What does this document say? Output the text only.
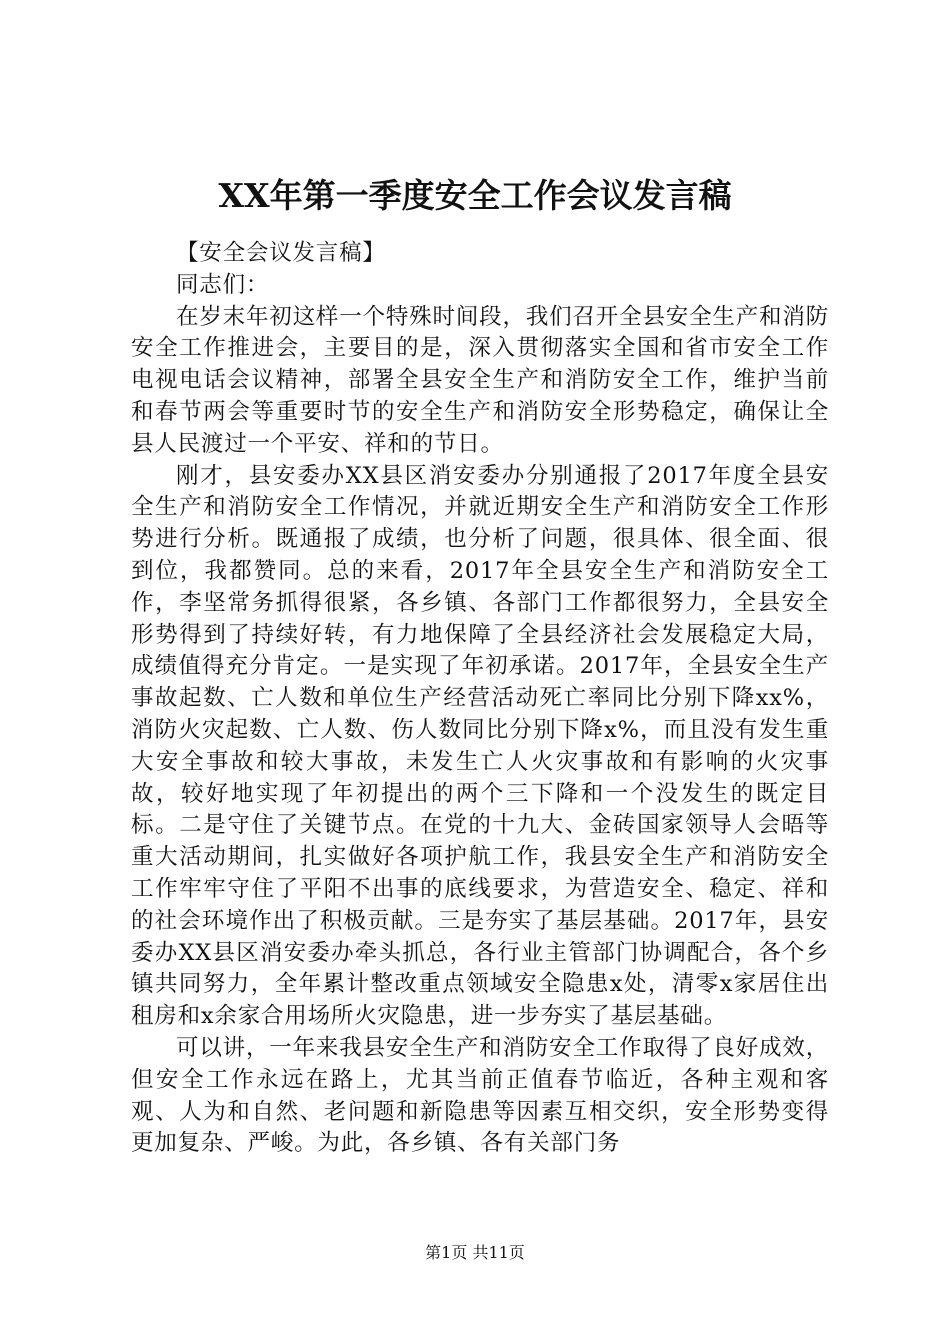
XX年第一季度安全工作会议发言稿

【安全会议发言稿】

同志们：

在岁末年初这样一个特殊时间段，我们召开全县安全生产和消防安全工作推进会，主要目的是，深入贯彻落实全国和省市安全工作电视电话会议精神，部署全县安全生产和消防安全工作，维护当前和春节两会等重要时节的安全生产和消防安全形势稳定，确保让全县人民渡过一个平安、祥和的节日。

刚才，县安委办XX县区消安委办分别通报了2017年度全县安全生产和消防安全工作情况，并就近期安全生产和消防安全工作形势进行分析。既通报了成绩，也分析了问题，很具体、很全面、很到位，我都赞同。总的来看，2017年全县安全生产和消防安全工作，李坚常务抓得很紧，各乡镇、各部门工作都很努力，全县安全形势得到了持续好转，有力地保障了全县经济社会发展稳定大局，成绩值得充分肯定。一是实现了年初承诺。2017年，全县安全生产事故起数、亡人数和单位生产经营活动死亡率同比分别下降xx%，消防火灾起数、亡人数、伤人数同比分别下降x%，而且没有发生重大安全事故和较大事故，未发生亡人火灾事故和有影响的火灾事故，较好地实现了年初提出的两个三下降和一个没发生的既定目标。二是守住了关键节点。在党的十九大、金砖国家领导人会晤等重大活动期间，扎实做好各项护航工作，我县安全生产和消防安全工作牢牢守住了平阳不出事的底线要求，为营造安全、稳定、祥和的社会环境作出了积极贡献。三是夯实了基层基础。2017年，县安委办XX县区消安委办牵头抓总，各行业主管部门协调配合，各个乡镇共同努力，全年累计整改重点领域安全隐患x处，清零x家居住出租房和x余家合用场所火灾隐患，进一步夯实了基层基础。

可以讲，一年来我县安全生产和消防安全工作取得了良好成效，但安全工作永远在路上，尤其当前正值春节临近，各种主观和客观、人为和自然、老问题和新隐患等因素互相交织，安全形势变得更加复杂、严峻。为此，各乡镇、各有关部门务

第1页 共11页
